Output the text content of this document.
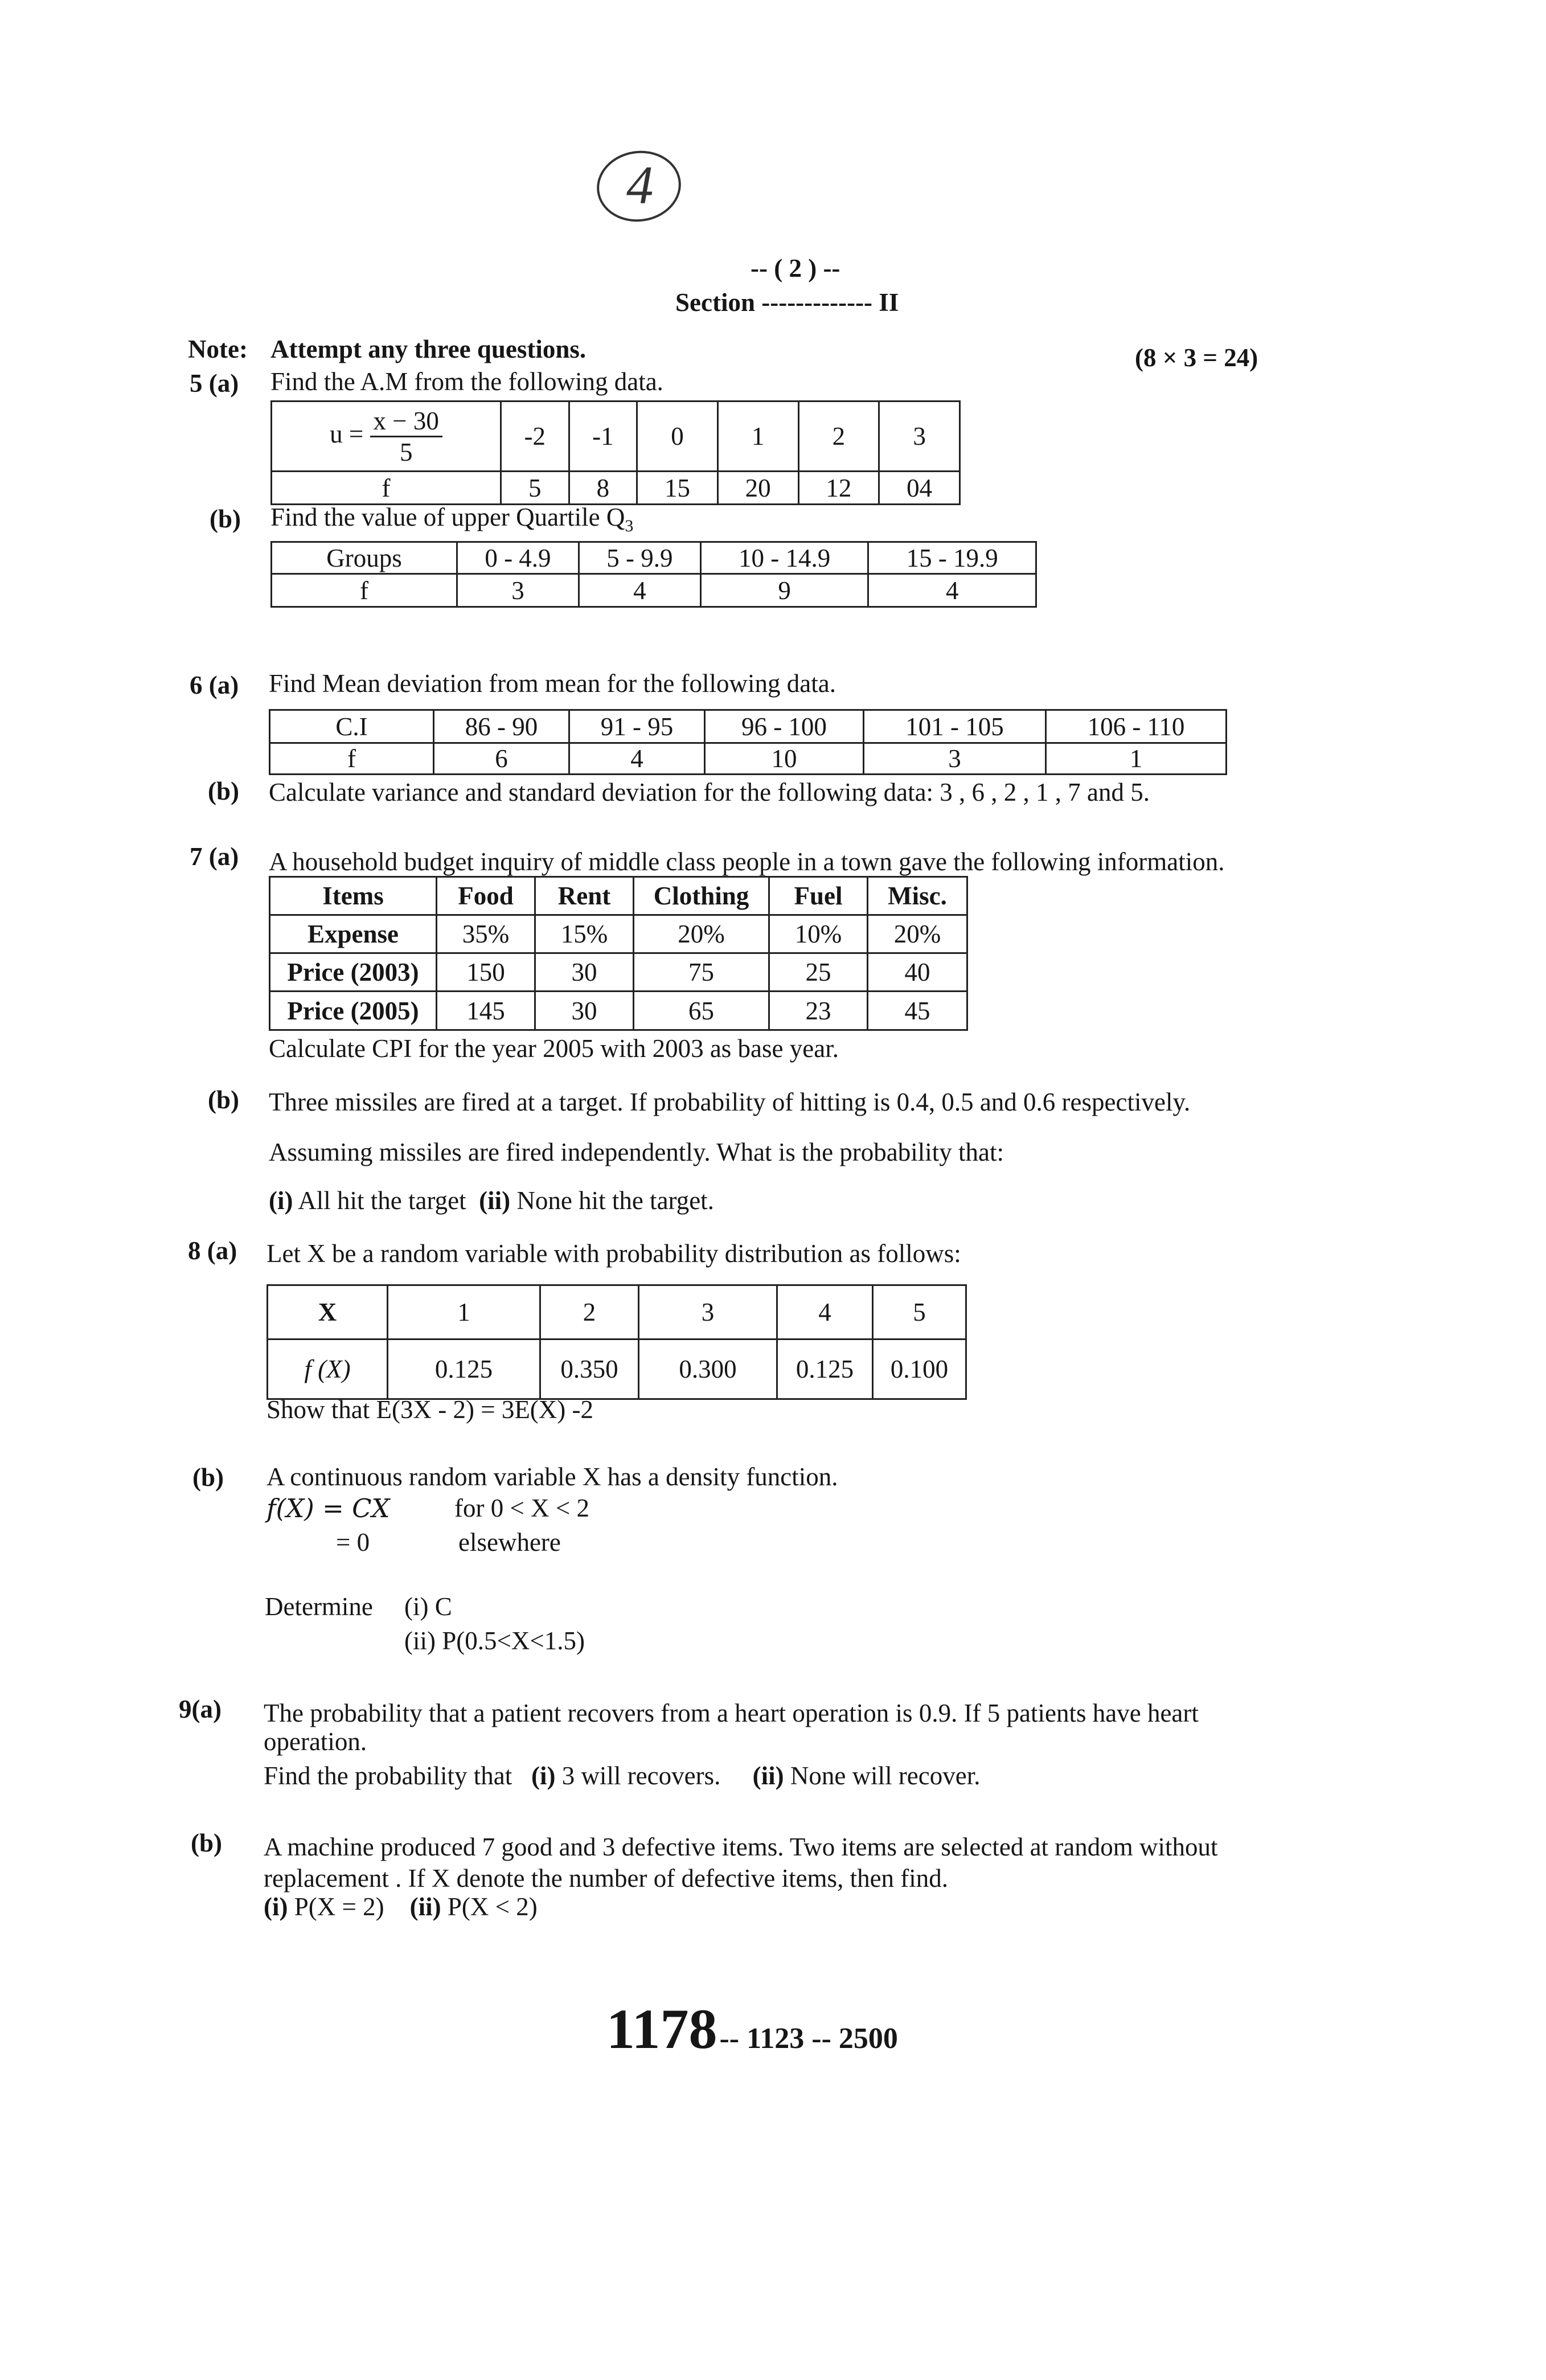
4
-- ( 2 ) --
Section ------------- II
Note: Attempt any three questions.	(8 × 3 = 24)
5 (a) Find the A.M from the following data.
$u = \frac{x - 30}{5}$	-2	-1	0	1	2	3
f	5	8	15	20	12	04
(b) Find the value of upper Quartile $Q_3$
Groups	0 - 4.9	5 - 9.9	10 - 14.9	15 - 19.9
f	3	4	9	4
6 (a) Find Mean deviation from mean for the following data.
C.I	86 - 90	91 - 95	96 - 100	101 - 105	106 - 110
f	6	4	10	3	1
(b) Calculate variance and standard deviation for the following data: 3 , 6 , 2 , 1 , 7 and 5.
7 (a) A household budget inquiry of middle class people in a town gave the following information.
Items	Food	Rent	Clothing	Fuel	Misc.
Expense	35%	15%	20%	10%	20%
Price (2003)	150	30	75	25	40
Price (2005)	145	30	65	23	45
Calculate CPI for the year 2005 with 2003 as base year.
(b) Three missiles are fired at a target. If probability of hitting is 0.4, 0.5 and 0.6 respectively.
Assuming missiles are fired independently. What is the probability that:
(i) All hit the target (ii) None hit the target.
8 (a) Let X be a random variable with probability distribution as follows:
X	1	2	3	4	5
f (X)	0.125	0.350	0.300	0.125	0.100
Show that E(3X - 2) = 3E(X) -2
(b) A continuous random variable X has a density function.
f(X) = CX	for 0 < X < 2
= 0	elsewhere
Determine (i) C
(ii) P(0.5<X<1.5)
9(a) The probability that a patient recovers from a heart operation is 0.9. If 5 patients have heart
operation.
Find the probability that (i) 3 will recovers. (ii) None will recover.
(b) A machine produced 7 good and 3 defective items. Two items are selected at random without
replacement . If X denote the number of defective items, then find.
(i) P(X = 2) (ii) P(X < 2)
1178 -- 1123 -- 2500
